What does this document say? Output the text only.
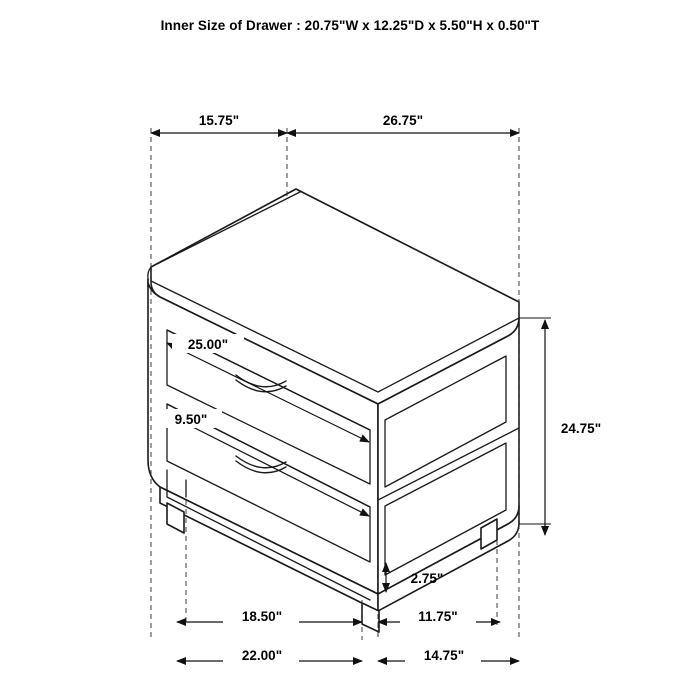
Inner Size of Drawer : 20.75"W x 12.25"D x 5.50"H x 0.50"T
15.75"	26.75"
25.00"
9.50"
24.75"
2.75"
18.50"	11.75"
22.00"	14.75"
